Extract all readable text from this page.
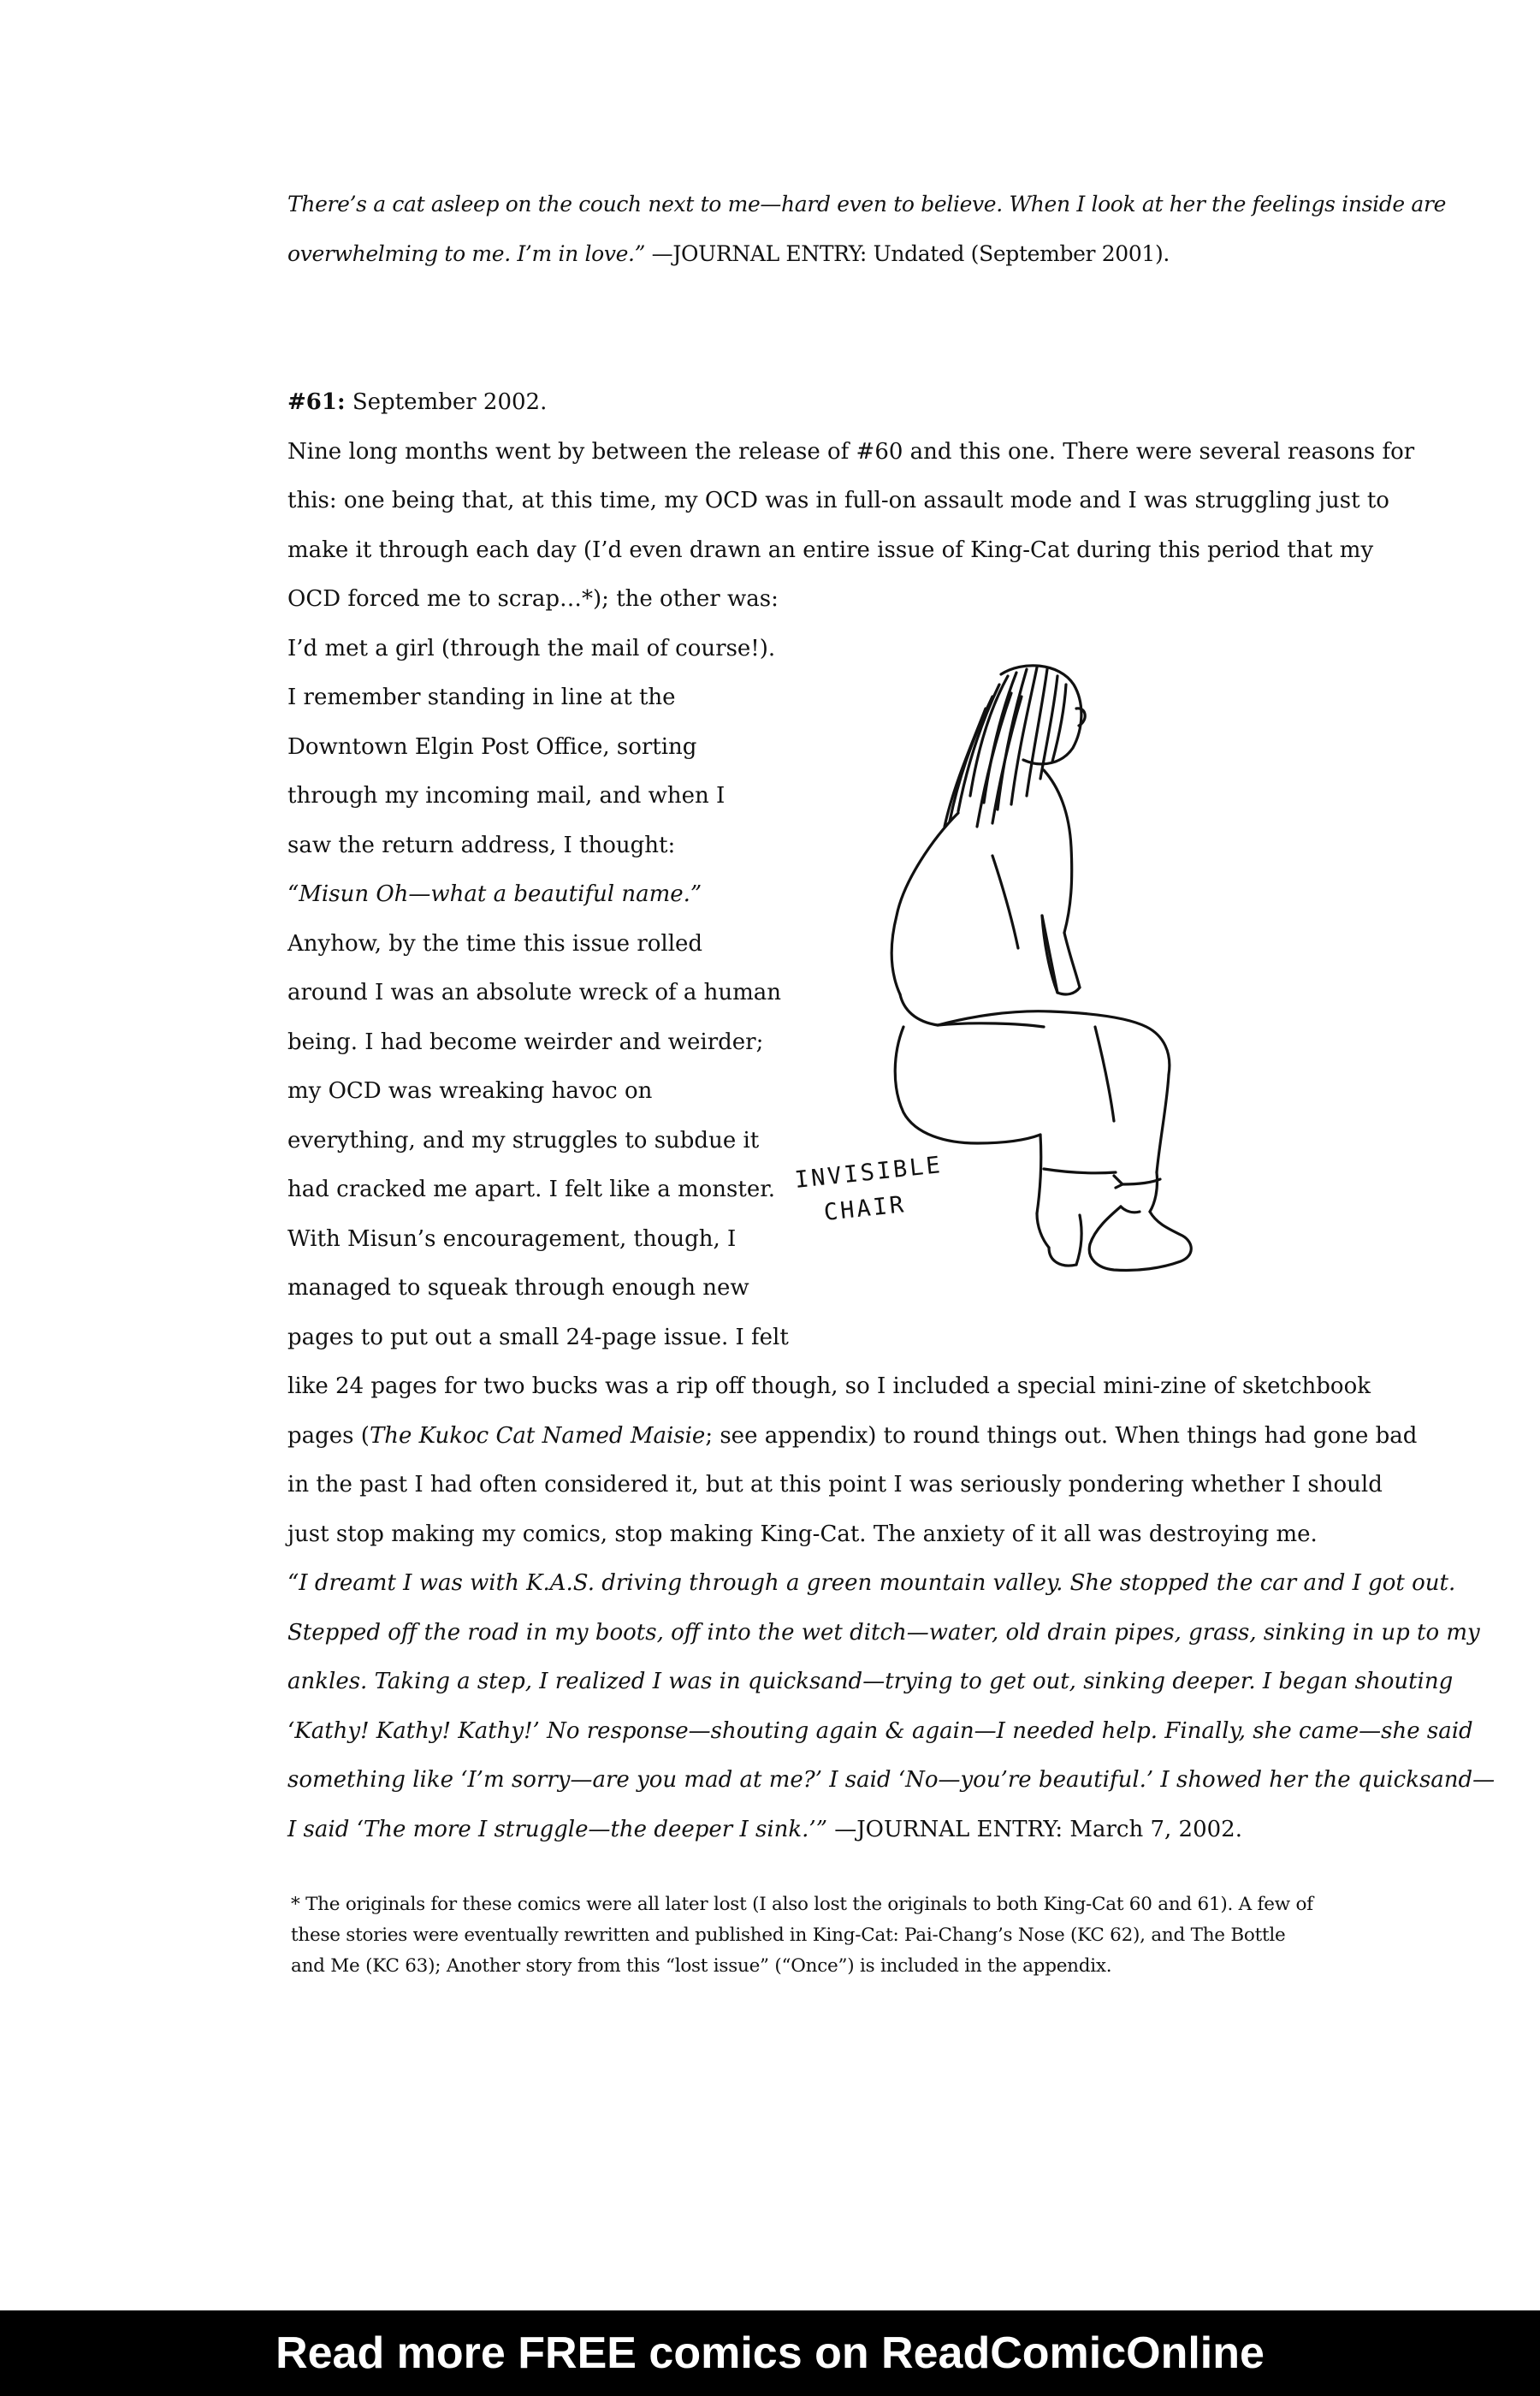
There’s a cat asleep on the couch next to me—hard even to believe. When I look at her the feelings inside are
overwhelming to me. I’m in love.” —JOURNAL ENTRY: Undated (September 2001).
#61: September 2002.
Nine long months went by between the release of #60 and this one. There were several reasons for
this: one being that, at this time, my OCD was in full-on assault mode and I was struggling just to
make it through each day (I’d even drawn an entire issue of King-Cat during this period that my
OCD forced me to scrap…*); the other was:
I’d met a girl (through the mail of course!).
I remember standing in line at the
Downtown Elgin Post Office, sorting
through my incoming mail, and when I
saw the return address, I thought:
“Misun Oh—what a beautiful name.”
Anyhow, by the time this issue rolled
around I was an absolute wreck of a human
being. I had become weirder and weirder;
my OCD was wreaking havoc on
everything, and my struggles to subdue it
had cracked me apart. I felt like a monster.
With Misun’s encouragement, though, I
managed to squeak through enough new
pages to put out a small 24-page issue. I felt
like 24 pages for two bucks was a rip off though, so I included a special mini-zine of sketchbook
pages (The Kukoc Cat Named Maisie; see appendix) to round things out. When things had gone bad
in the past I had often considered it, but at this point I was seriously pondering whether I should
just stop making my comics, stop making King-Cat. The anxiety of it all was destroying me.
“I dreamt I was with K.A.S. driving through a green mountain valley. She stopped the car and I got out.
Stepped off the road in my boots, off into the wet ditch—water, old drain pipes, grass, sinking in up to my
ankles. Taking a step, I realized I was in quicksand—trying to get out, sinking deeper. I began shouting
‘Kathy! Kathy! Kathy!’ No response—shouting again & again—I needed help. Finally, she came—she said
something like ‘I’m sorry—are you mad at me?’ I said ‘No—you’re beautiful.’ I showed her the quicksand—
I said ‘The more I struggle—the deeper I sink.’” —JOURNAL ENTRY: March 7, 2002.
INVISIBLE
CHAIR
* The originals for these comics were all later lost (I also lost the originals to both King-Cat 60 and 61). A few of
these stories were eventually rewritten and published in King-Cat: Pai-Chang’s Nose (KC 62), and The Bottle
and Me (KC 63); Another story from this “lost issue” (“Once”) is included in the appendix.
Read more FREE comics on ReadComicOnline
